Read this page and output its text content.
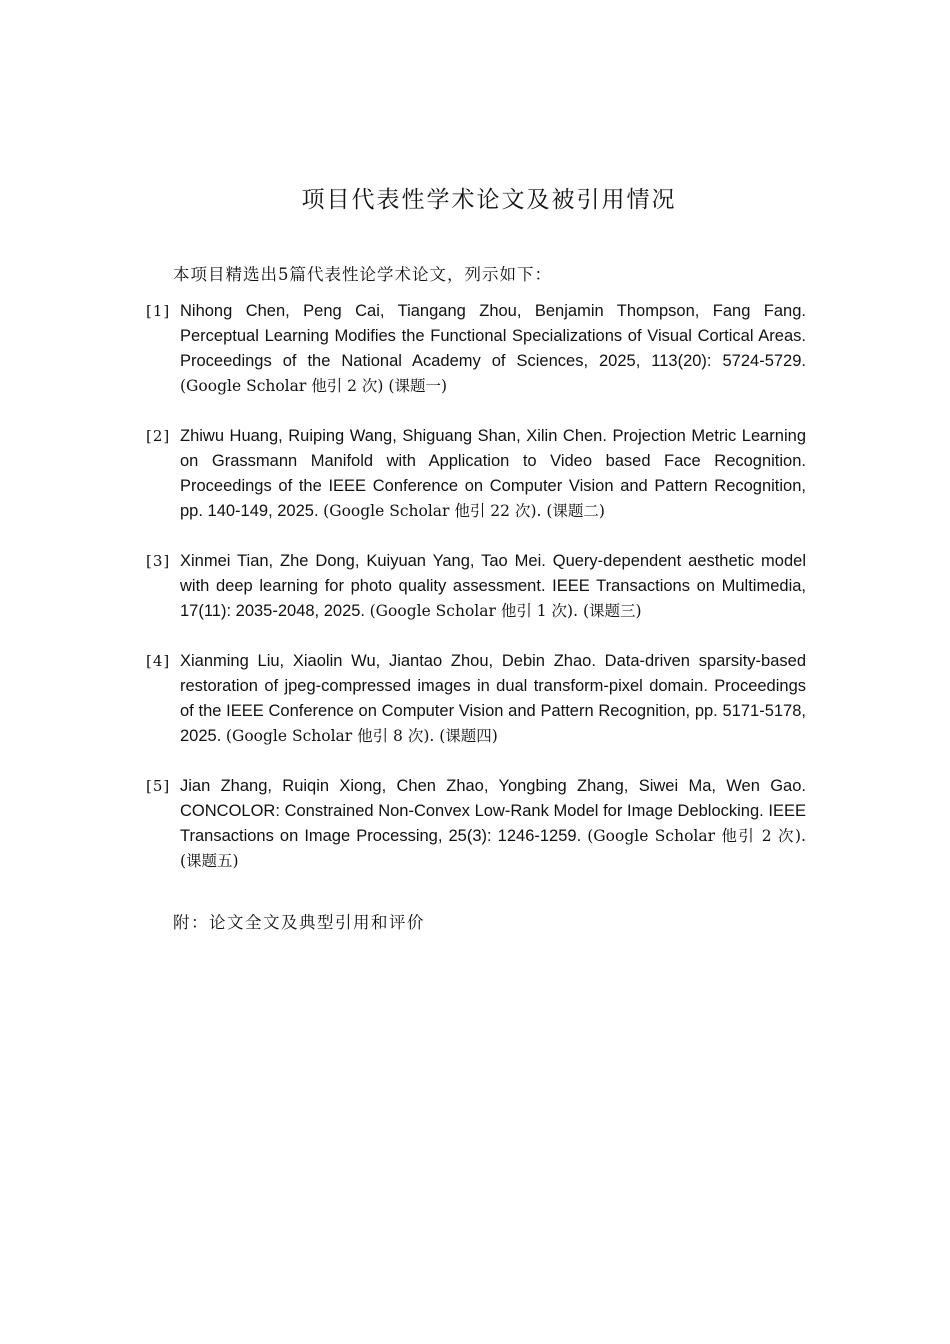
项目代表性学术论文及被引用情况
本项目精选出5篇代表性论学术论文，列示如下：
[1] Nihong Chen, Peng Cai, Tiangang Zhou, Benjamin Thompson, Fang Fang. Perceptual Learning Modifies the Functional Specializations of Visual Cortical Areas. Proceedings of the National Academy of Sciences, 2025, 113(20): 5724-5729. (Google Scholar 他引 2 次) (课题一)
[2] Zhiwu Huang, Ruiping Wang, Shiguang Shan, Xilin Chen. Projection Metric Learning on Grassmann Manifold with Application to Video based Face Recognition. Proceedings of the IEEE Conference on Computer Vision and Pattern Recognition, pp. 140-149, 2025. (Google Scholar 他引 22 次). (课题二)
[3] Xinmei Tian, Zhe Dong, Kuiyuan Yang, Tao Mei. Query-dependent aesthetic model with deep learning for photo quality assessment. IEEE Transactions on Multimedia, 17(11): 2035-2048, 2025. (Google Scholar 他引 1 次). (课题三)
[4] Xianming Liu, Xiaolin Wu, Jiantao Zhou, Debin Zhao. Data-driven sparsity-based restoration of jpeg-compressed images in dual transform-pixel domain. Proceedings of the IEEE Conference on Computer Vision and Pattern Recognition, pp. 5171-5178, 2025. (Google Scholar 他引 8 次). (课题四)
[5] Jian Zhang, Ruiqin Xiong, Chen Zhao, Yongbing Zhang, Siwei Ma, Wen Gao. CONCOLOR: Constrained Non-Convex Low-Rank Model for Image Deblocking. IEEE Transactions on Image Processing, 25(3): 1246-1259. (Google Scholar 他引 2 次). (课题五)
附：论文全文及典型引用和评价
